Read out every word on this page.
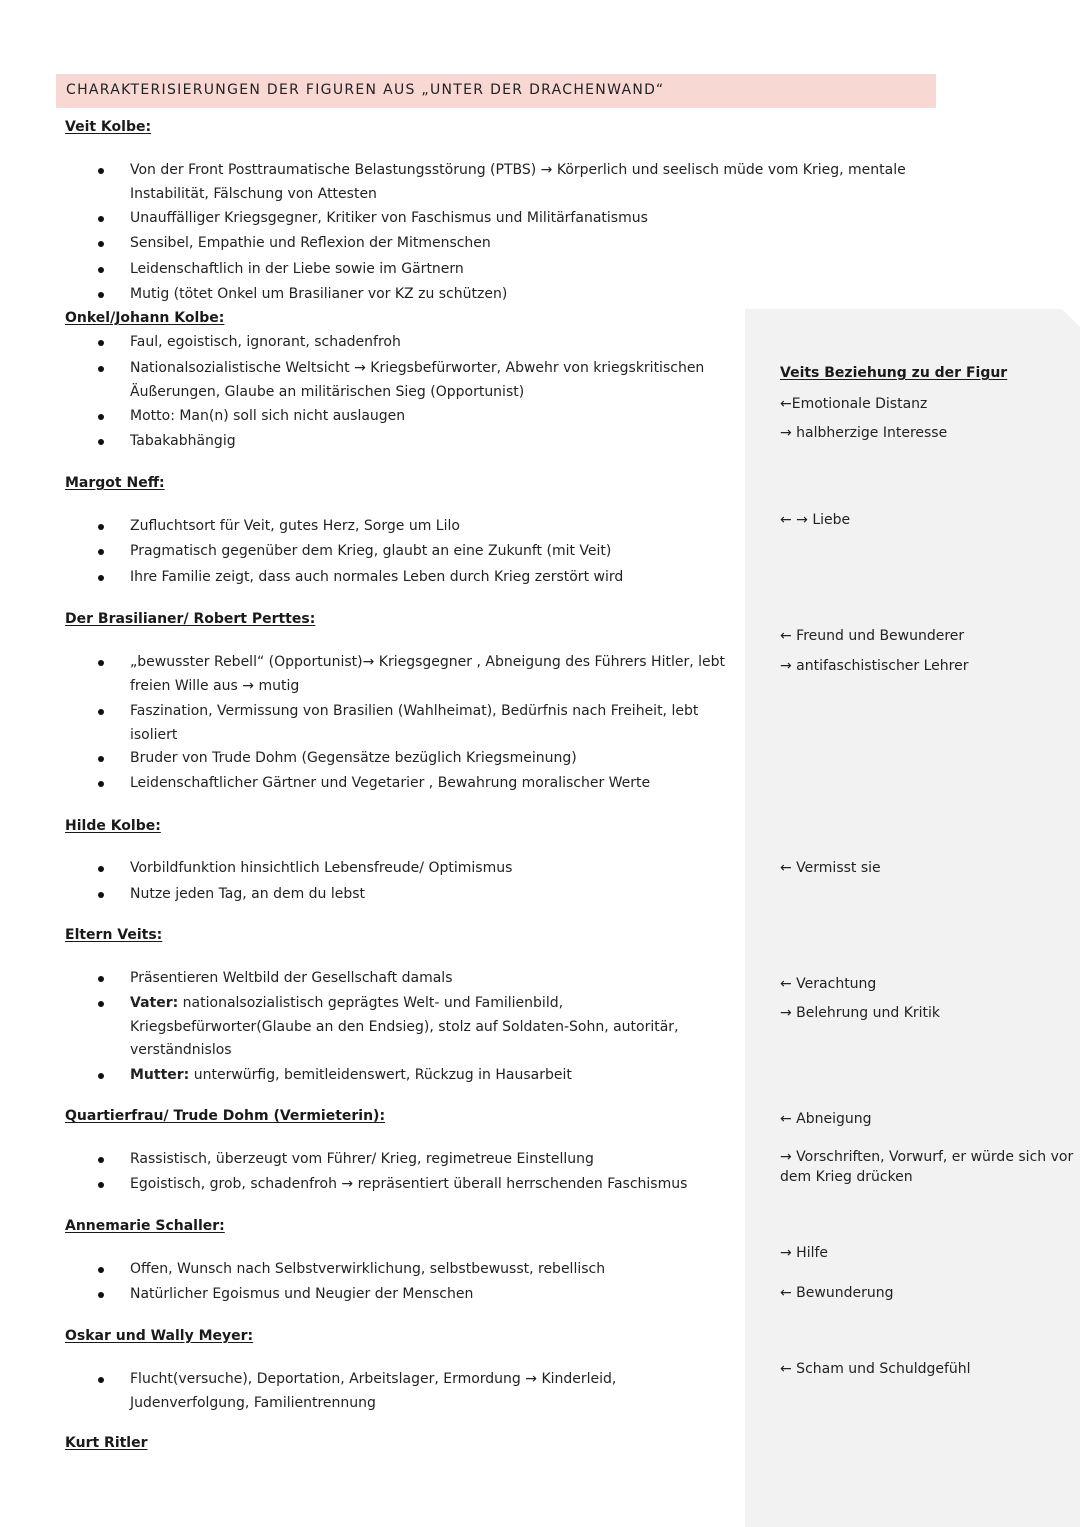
CHARAKTERISIERUNGEN DER FIGUREN AUS „UNTER DER DRACHENWAND“
Veits Beziehung zu der Figur
Veit Kolbe:
Von der Front Posttraumatische Belastungsstörung (PTBS) → Körperlich und seelisch müde vom Krieg, mentale Instabilität, Fälschung von Attesten
Unauffälliger Kriegsgegner, Kritiker von Faschismus und Militärfanatismus
Sensibel, Empathie und Reflexion der Mitmenschen
Leidenschaftlich in der Liebe sowie im Gärtnern
Mutig (tötet Onkel um Brasilianer vor KZ zu schützen)
Onkel/Johann Kolbe:
Faul, egoistisch, ignorant, schadenfroh
Nationalsozialistische Weltsicht → Kriegsbefürworter, Abwehr von kriegskritischen Äußerungen, Glaube an militärischen Sieg (Opportunist)
Motto: Man(n) soll sich nicht auslaugen
Tabakabhängig
←Emotionale Distanz
→ halbherzige Interesse
Margot Neff:
Zufluchtsort für Veit, gutes Herz, Sorge um Lilo
Pragmatisch gegenüber dem Krieg, glaubt an eine Zukunft (mit Veit)
Ihre Familie zeigt, dass auch normales Leben durch Krieg zerstört wird
← → Liebe
Der Brasilianer/ Robert Perttes:
„bewusster Rebell“ (Opportunist)→ Kriegsgegner , Abneigung des Führers Hitler, lebt freien Wille aus → mutig
Faszination, Vermissung von Brasilien (Wahlheimat), Bedürfnis nach Freiheit, lebt isoliert
Bruder von Trude Dohm (Gegensätze bezüglich Kriegsmeinung)
Leidenschaftlicher Gärtner und Vegetarier , Bewahrung moralischer Werte
← Freund und Bewunderer
→ antifaschistischer Lehrer
Hilde Kolbe:
Vorbildfunktion hinsichtlich Lebensfreude/ Optimismus
Nutze jeden Tag, an dem du lebst
← Vermisst sie
Eltern Veits:
Präsentieren Weltbild der Gesellschaft damals
Vater: nationalsozialistisch geprägtes Welt- und Familienbild, Kriegsbefürworter(Glaube an den Endsieg), stolz auf Soldaten-Sohn, autoritär, verständnislos
Mutter: unterwürfig, bemitleidenswert, Rückzug in Hausarbeit
← Verachtung
→ Belehrung und Kritik
Quartierfrau/ Trude Dohm (Vermieterin):
Rassistisch, überzeugt vom Führer/ Krieg, regimetreue Einstellung
Egoistisch, grob, schadenfroh → repräsentiert überall herrschenden Faschismus
← Abneigung
→ Vorschriften, Vorwurf, er würde sich vor dem Krieg drücken
Annemarie Schaller:
Offen, Wunsch nach Selbstverwirklichung, selbstbewusst, rebellisch
Natürlicher Egoismus und Neugier der Menschen
→ Hilfe
← Bewunderung
Oskar und Wally Meyer:
Flucht(versuche), Deportation, Arbeitslager, Ermordung → Kinderleid, Judenverfolgung, Familientrennung
← Scham und Schuldgefühl
Kurt Ritler
